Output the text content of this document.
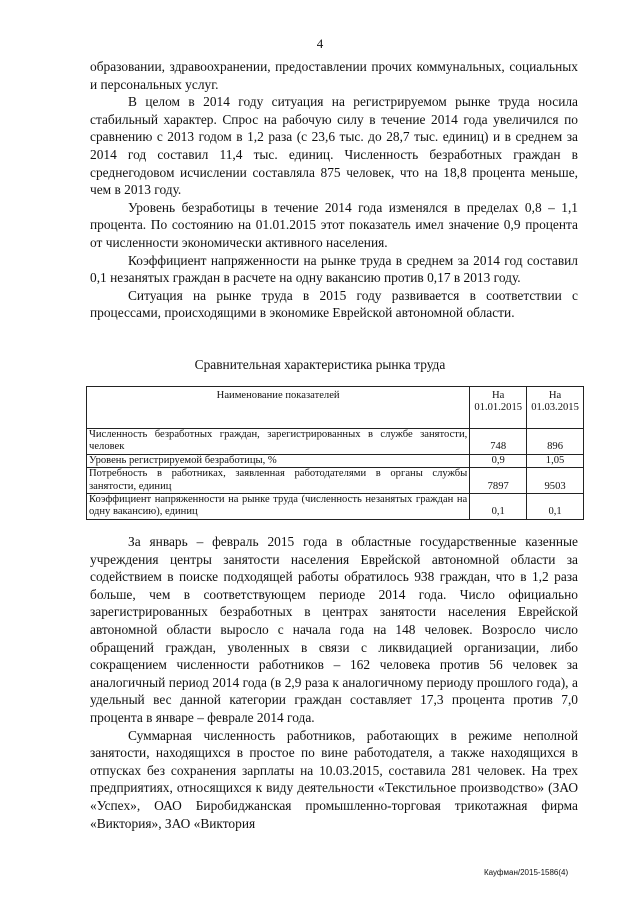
4

образовании, здравоохранении, предоставлении прочих коммунальных, социальных и персональных услуг.

В целом в 2014 году ситуация на регистрируемом рынке труда носила стабильный характер. Спрос на рабочую силу в течение 2014 года увеличился по сравнению с 2013 годом в 1,2 раза (с 23,6 тыс. до 28,7 тыс. единиц) и в среднем за 2014 год составил 11,4 тыс. единиц. Численность безработных граждан в среднегодовом исчислении составляла 875 человек, что на 18,8 процента меньше, чем в 2013 году.

Уровень безработицы в течение 2014 года изменялся в пределах 0,8 – 1,1 процента. По состоянию на 01.01.2015 этот показатель имел значение 0,9 процента от численности экономически активного населения.

Коэффициент напряженности на рынке труда в среднем за 2014 год составил 0,1 незанятых граждан в расчете на одну вакансию против 0,17 в 2013 году.

Ситуация на рынке труда в 2015 году развивается в соответствии с процессами, происходящими в экономике Еврейской автономной области.

Сравнительная характеристика рынка труда
Наименование показателей	На 01.01.2015	На 01.03.2015
Численность безработных граждан, зарегистрированных в службе занятости, человек	748	896
Уровень регистрируемой безработицы, %	0,9	1,05
Потребность в работниках, заявленная работодателями в органы службы занятости, единиц	7897	9503
Коэффициент напряженности на рынке труда (численность незанятых граждан на одну вакансию), единиц	0,1	0,1

За январь – февраль 2015 года в областные государственные казенные учреждения центры занятости населения Еврейской автономной области за содействием в поиске подходящей работы обратилось 938 граждан, что в 1,2 раза больше, чем в соответствующем периоде 2014 года. Число официально зарегистрированных безработных в центрах занятости населения Еврейской автономной области выросло с начала года на 148 человек. Возросло число обращений граждан, уволенных в связи с ликвидацией организации, либо сокращением численности работников – 162 человека против 56 человек за аналогичный период 2014 года (в 2,9 раза к аналогичному периоду прошлого года), а удельный вес данной категории граждан составляет 17,3 процента против 7,0 процента в январе – феврале 2014 года.

Суммарная численность работников, работающих в режиме неполной занятости, находящихся в простое по вине работодателя, а также находящихся в отпусках без сохранения зарплаты на 10.03.2015, составила 281 человек. На трех предприятиях, относящихся к виду деятельности «Текстильное производство» (ЗАО «Успех», ОАО Биробиджанская промышленно-торговая трикотажная фирма «Виктория», ЗАО «Виктория

Кауфман/2015-1586(4)
